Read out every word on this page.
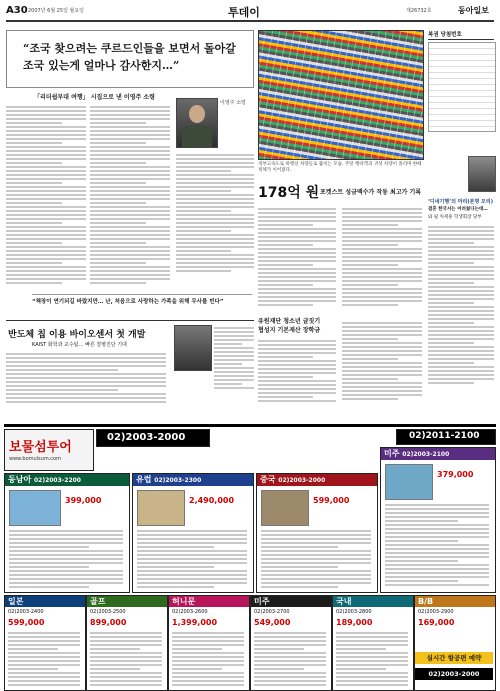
A30 2007년 6월 25일 월요일	투데이	제26732호	동아일보
“조국 찾으려는 쿠르드인들을 보면서 돌아갈 조국 있는게 얼마나 감사한지…”
「리더쉽부대 여행」 시집으로 낸 이영주 소령
이영주 소령
“책장이 연기되길 바랐지만… 난, 처음으로 사랑하는 가족을 위해 무사를 빈다”
경부고속도로 하행선 차량들로 붐비는 모습. 주말 행락객과 귀성 차량이 몰리며 한때 정체가 이어졌다.
178억 원 포켓스트 성금액수가 작동 최고가 기록
복권 당첨번호
‘디네기행’의 마리(본명 모리)
결혼 한국서는 어려웠다는데…
와 필 처세훈 학생회장 당부
반도체 칩 이용 바이오센서 첫 개발
KAIST 화학과 교수팀… 빠른 질병진단 기대
유원재단 청소년 글짓기
협성지 기본재산 장학금
보물섬투어
www.bomulsum.com
02)2003-2000	02)2011-2100
동남아 02)2003-2200
399,000
유럽 02)2003-2300
2,490,000
중국 02)2003-2000
599,000
미주 02)2003-2100
379,000
일본
02)2003-2400
599,000
골프
02)2003-2500
899,000
허니문
02)2003-2600
1,399,000
미주
02)2003-2700
549,000
국내
02)2003-2800
189,000
B/B
02)2003-2900
169,000
실시간 항공편 예약
02)2003-2000
